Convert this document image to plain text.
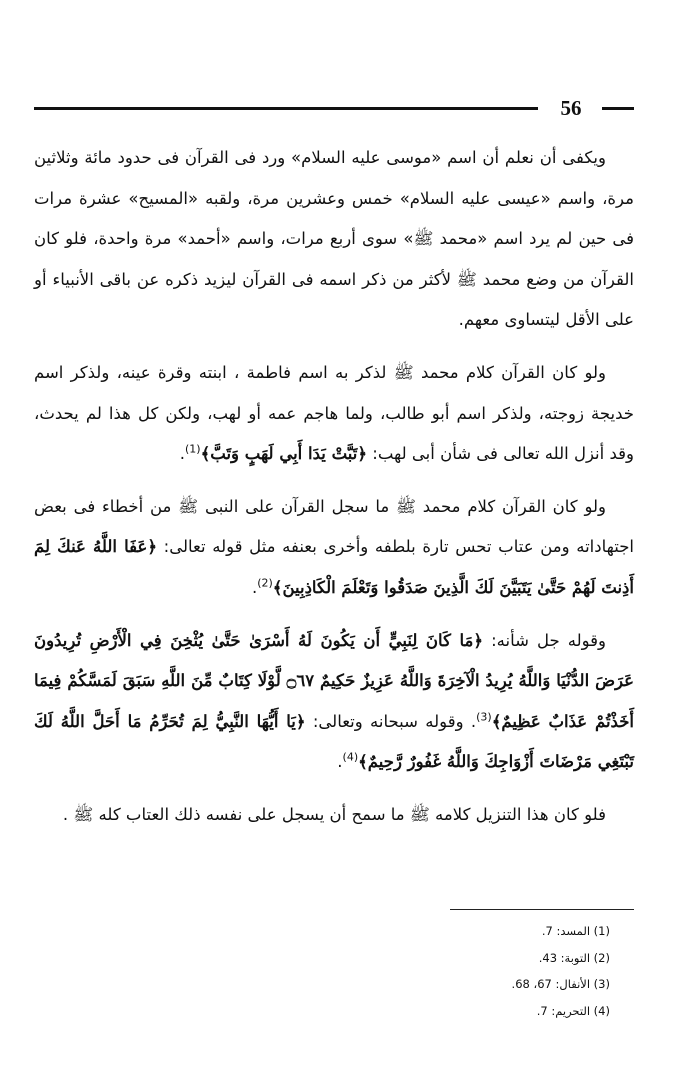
56

ويكفى أن نعلم أن اسم «موسى عليه السلام» ورد فى القرآن فى حدود مائة وثلاثين مرة، واسم «عيسى عليه السلام» خمس وعشرين مرة، ولقبه «المسيح» عشرة مرات فى حين لم يرد اسم «محمد ﷺ» سوى أربع مرات، واسم «أحمد» مرة واحدة، فلو كان القرآن من وضع محمد ﷺ لأكثر من ذكر اسمه فى القرآن ليزيد ذكره عن باقى الأنبياء أو على الأقل ليتساوى معهم.

ولو كان القرآن كلام محمد ﷺ لذكر به اسم فاطمة ، ابنته وقرة عينه، ولذكر اسم خديجة زوجته، ولذكر اسم أبو طالب، ولما هاجم عمه أو لهب، ولكن كل هذا لم يحدث، وقد أنزل الله تعالى فى شأن أبى لهب: ﴿تَبَّتْ يَدَا أَبِي لَهَبٍ وَتَبَّ﴾$^{(1)}$.

ولو كان القرآن كلام محمد ﷺ ما سجل القرآن على النبى ﷺ من أخطاء فى بعض اجتهاداته ومن عتاب تحس تارة بلطفه وأخرى بعنفه مثل قوله تعالى: ﴿عَفَا اللَّهُ عَنكَ لِمَ أَذِنتَ لَهُمْ حَتَّىٰ يَتَبَيَّنَ لَكَ الَّذِينَ صَدَقُوا وَتَعْلَمَ الْكَاذِبِينَ﴾$^{(2)}$.

وقوله جل شأنه: ﴿مَا كَانَ لِنَبِيٍّ أَن يَكُونَ لَهُ أَسْرَىٰ حَتَّىٰ يُثْخِنَ فِي الْأَرْضِ تُرِيدُونَ عَرَضَ الدُّنْيَا وَاللَّهُ يُرِيدُ الْآخِرَةَ وَاللَّهُ عَزِيزٌ حَكِيمٌ ۝٦٧ لَّوْلَا كِتَابٌ مِّنَ اللَّهِ سَبَقَ لَمَسَّكُمْ فِيمَا أَخَذْتُمْ عَذَابٌ عَظِيمٌ﴾$^{(3)}$. وقوله سبحانه وتعالى: ﴿يَا أَيُّهَا النَّبِيُّ لِمَ تُحَرِّمُ مَا أَحَلَّ اللَّهُ لَكَ تَبْتَغِي مَرْضَاتَ أَزْوَاجِكَ وَاللَّهُ غَفُورٌ رَّحِيمٌ﴾$^{(4)}$.

فلو كان هذا التنزيل كلامه ﷺ ما سمح أن يسجل على نفسه ذلك العتاب كله ﷺ .

(1) المسد: 7.

(2) التوبة: 43.

(3) الأنفال: 67، 68.

(4) التحريم: 7.
